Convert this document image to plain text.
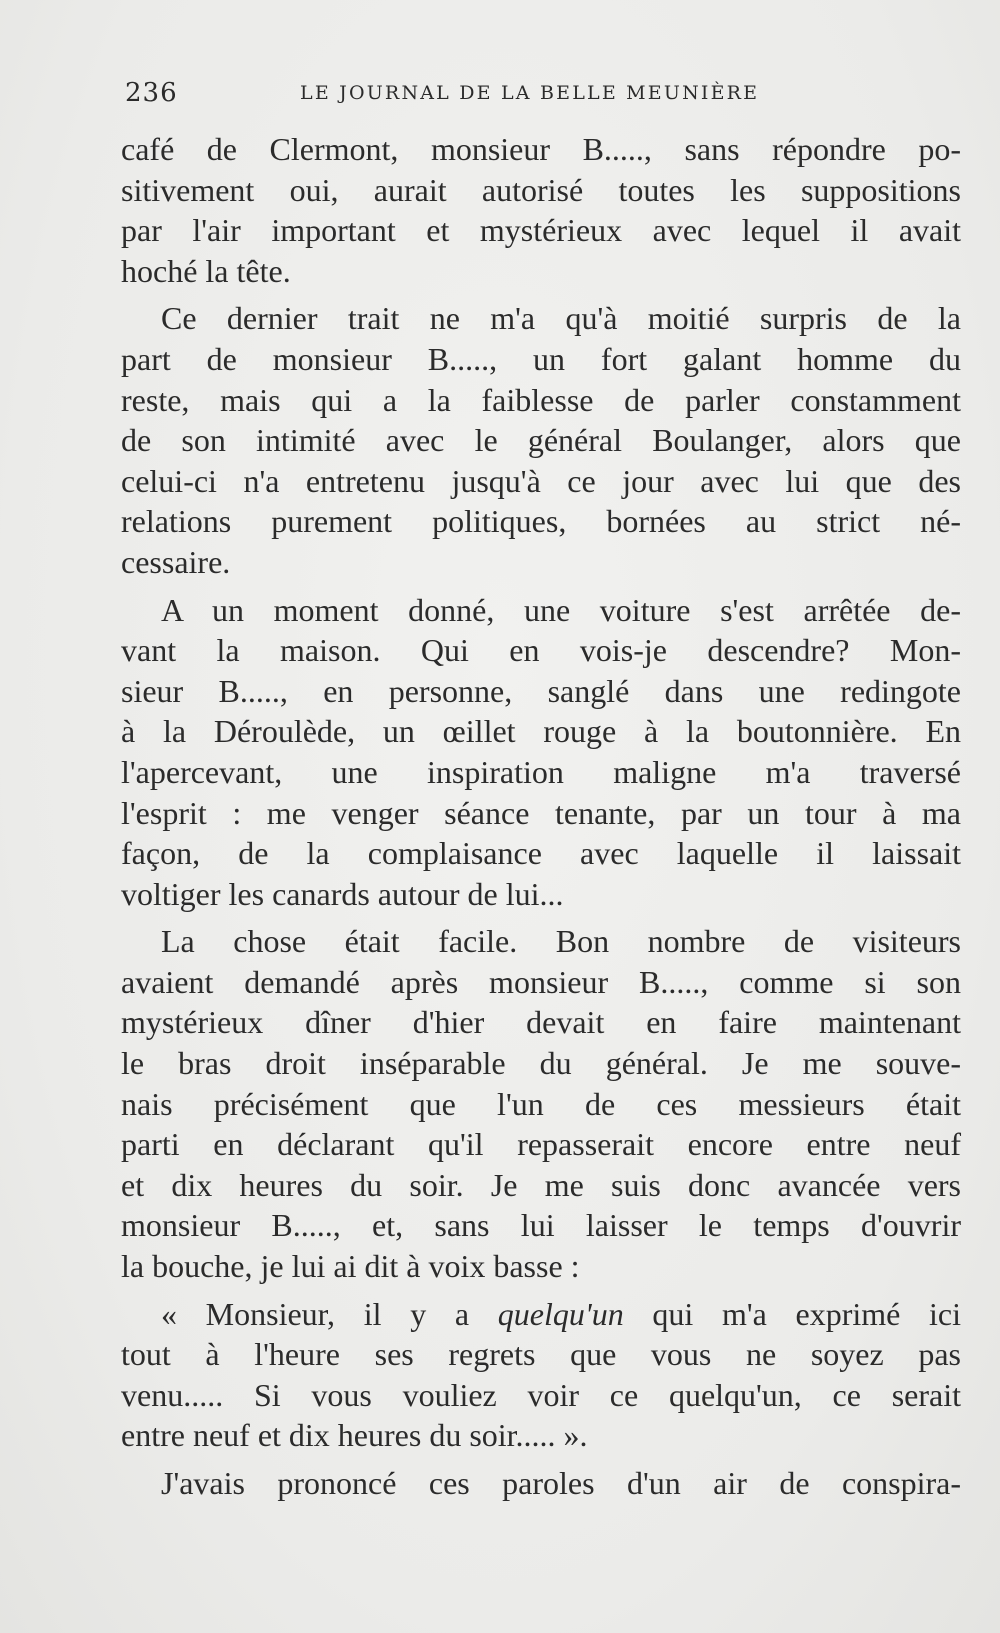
236	LE JOURNAL DE LA BELLE MEUNIÈRE
café de Clermont, monsieur B....., sans répondre po-
sitivement oui, aurait autorisé toutes les suppositions
par l'air important et mystérieux avec lequel il avait
hoché la tête.
Ce dernier trait ne m'a qu'à moitié surpris de la
part de monsieur B....., un fort galant homme du
reste, mais qui a la faiblesse de parler constamment
de son intimité avec le général Boulanger, alors que
celui-ci n'a entretenu jusqu'à ce jour avec lui que des
relations purement politiques, bornées au strict né-
cessaire.
A un moment donné, une voiture s'est arrêtée de-
vant la maison. Qui en vois-je descendre? Mon-
sieur B....., en personne, sanglé dans une redingote
à la Déroulède, un œillet rouge à la boutonnière. En
l'apercevant, une inspiration maligne m'a traversé
l'esprit : me venger séance tenante, par un tour à ma
façon, de la complaisance avec laquelle il laissait
voltiger les canards autour de lui...
La chose était facile. Bon nombre de visiteurs
avaient demandé après monsieur B....., comme si son
mystérieux dîner d'hier devait en faire maintenant
le bras droit inséparable du général. Je me souve-
nais précisément que l'un de ces messieurs était
parti en déclarant qu'il repasserait encore entre neuf
et dix heures du soir. Je me suis donc avancée vers
monsieur B....., et, sans lui laisser le temps d'ouvrir
la bouche, je lui ai dit à voix basse :
« Monsieur, il y a quelqu'un qui m'a exprimé ici
tout à l'heure ses regrets que vous ne soyez pas
venu..... Si vous vouliez voir ce quelqu'un, ce serait
entre neuf et dix heures du soir..... ».
J'avais prononcé ces paroles d'un air de conspira-
